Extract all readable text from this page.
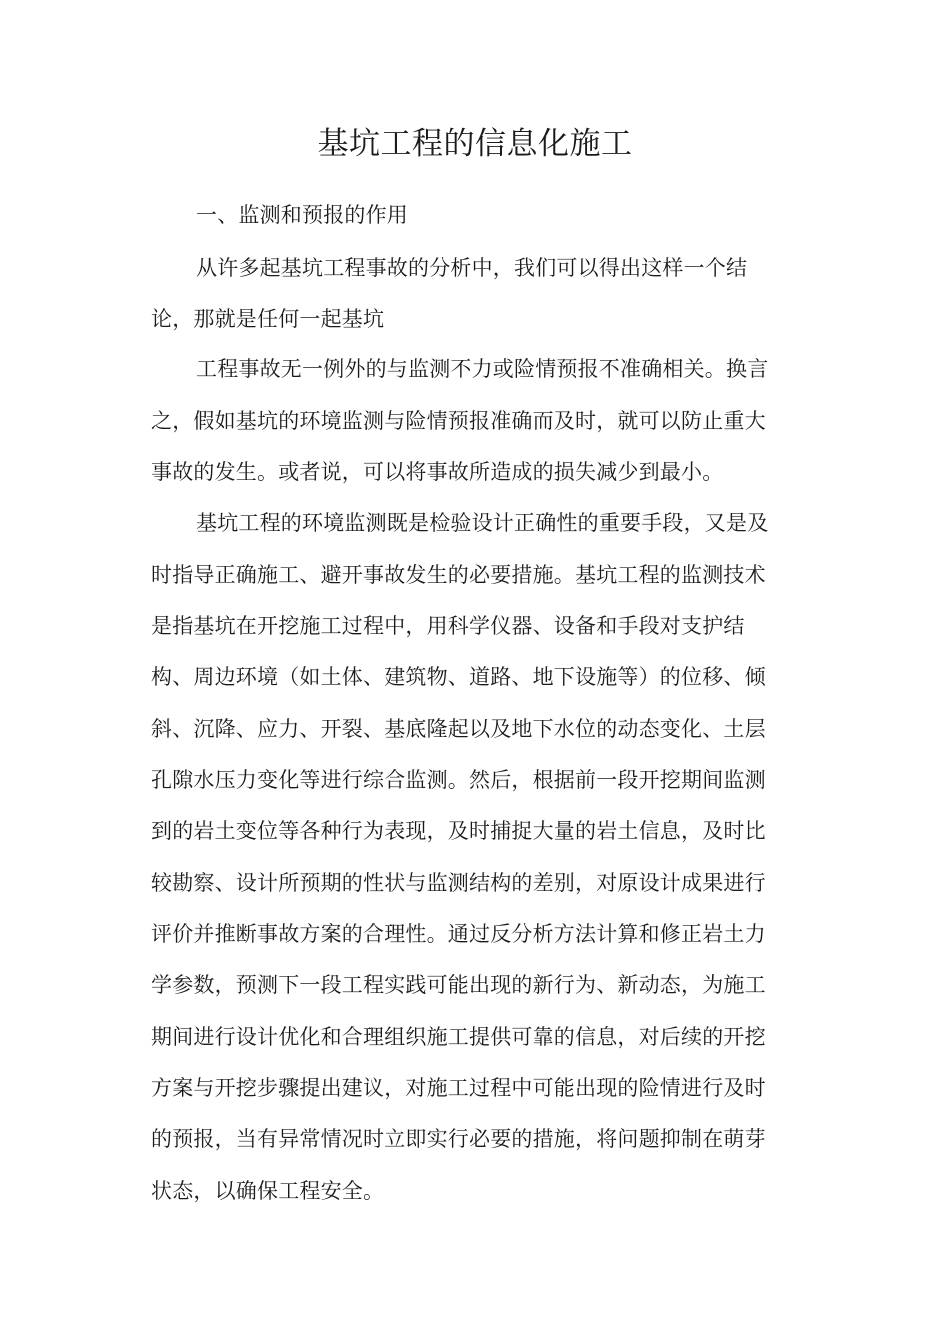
基坑工程的信息化施工
一、监测和预报的作用
从许多起基坑工程事故的分析中，我们可以得出这样一个结
论，那就是任何一起基坑
工程事故无一例外的与监测不力或险情预报不准确相关。换言
之，假如基坑的环境监测与险情预报准确而及时，就可以防止重大
事故的发生。或者说，可以将事故所造成的损失减少到最小。
基坑工程的环境监测既是检验设计正确性的重要手段，又是及
时指导正确施工、避开事故发生的必要措施。基坑工程的监测技术
是指基坑在开挖施工过程中，用科学仪器、设备和手段对支护结
构、周边环境（如土体、建筑物、道路、地下设施等）的位移、倾
斜、沉降、应力、开裂、基底隆起以及地下水位的动态变化、土层
孔隙水压力变化等进行综合监测。然后，根据前一段开挖期间监测
到的岩土变位等各种行为表现，及时捕捉大量的岩土信息，及时比
较勘察、设计所预期的性状与监测结构的差别，对原设计成果进行
评价并推断事故方案的合理性。通过反分析方法计算和修正岩土力
学参数，预测下一段工程实践可能出现的新行为、新动态，为施工
期间进行设计优化和合理组织施工提供可靠的信息，对后续的开挖
方案与开挖步骤提出建议，对施工过程中可能出现的险情进行及时
的预报，当有异常情况时立即实行必要的措施，将问题抑制在萌芽
状态，以确保工程安全。
